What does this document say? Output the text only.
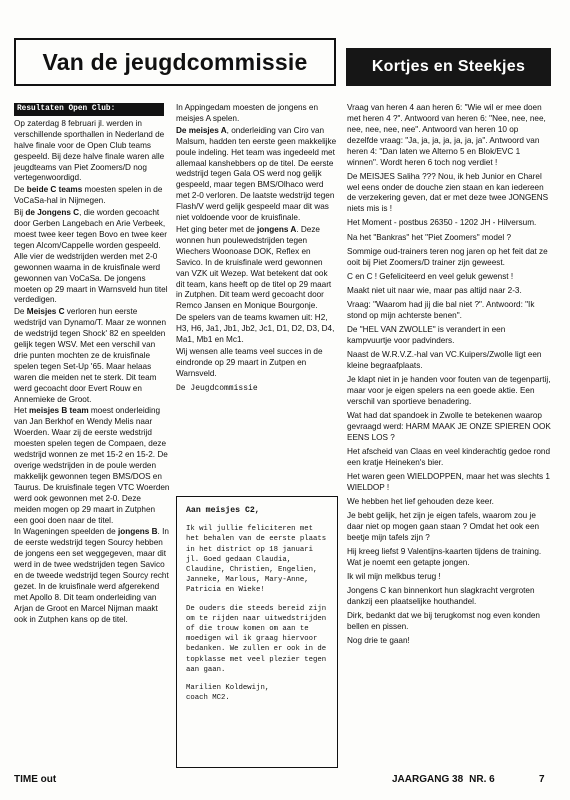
Van de jeugdcommissie	Kortjes en Steekjes
Resultaten Open Club:

Op zaterdag 8 februari jl. werden in verschillende sporthallen in Nederland de halve finale voor de Open Club teams gespeeld. Bij deze halve finale waren alle jeugdteams van Piet Zoomers/D nog vertegenwoordigd.

De beide C teams moesten spelen in de VoCaSa-hal in Nijmegen.

Bij de Jongens C, die worden gecoacht door Gerben Langebach en Arie Verbeek, moest twee keer tegen Bovo en twee keer tegen Alcom/Cappelle worden gespeeld. Alle vier de wedstrijden werden met 2-0 gewonnen waarna in de kruisfinale werd gewonnen van VoCaSa. De jongens moeten op 29 maart in Warnsveld hun titel verdedigen.

De Meisjes C verloren hun eerste wedstrijd van Dynamo/T. Maar ze wonnen de wedstrijd tegen Shock' 82 en speelden gelijk tegen WSV. Met een verschil van drie punten mochten ze de kruisfinale spelen tegen Set-Up '65. Maar helaas waren die meiden net te sterk. Dit team werd gecoacht door Evert Rouw en Annemieke de Groot.

Het meisjes B team moest onderleiding van Jan Berkhof en Wendy Melis naar Woerden. Waar zij de eerste wedstrijd moesten spelen tegen de Compaen, deze wedstrijd wonnen ze met 15-2 en 15-2. De overige wedstrijden in de poule werden makkelijk gewonnen tegen BMS/DOS en Taurus. De kruisfinale tegen VTC Woerden werd ook gewonnen met 2-0. Deze meiden mogen op 29 maart in Zutphen een gooi doen naar de titel.

In Wageningen speelden de jongens B. In de eerste wedstrijd tegen Sourcy hebben de jongens een set weggegeven, maar dit werd in de twee wedstrijden tegen Savico en de tweede wedstrijd tegen Sourcy recht gezet. In de kruisfinale werd afgerekend met Apollo 8. Dit team onderleiding van Arjan de Groot en Marcel Nijman maakt ook in Zutphen kans op de titel.

In Appingedam moesten de jongens en meisjes A spelen.

De meisjes A, onderleiding van Ciro van Malsum, hadden ten eerste geen makkelijke poule indeling. Het team was ingedeeld met allemaal kanshebbers op de titel. De eerste wedstrijd tegen Gala OS werd nog gelijk gespeeld, maar tegen BMS/Olhaco werd met 2-0 verloren. De laatste wedstrijd tegen Flash/V werd gelijk gespeeld maar dit was niet voldoende voor de kruisfinale.

Het ging beter met de jongens A. Deze wonnen hun poulewedstrijden tegen Wiechers Woonoase DOK, Reflex en Savico. In de kruisfinale werd gewonnen van VZK uit Wezep. Wat betekent dat ook dit team, kans heeft op de titel op 29 maart in Zutphen. Dit team werd gecoacht door Remco Jansen en Monique Bourgonje.

De spelers van de teams kwamen uit: H2, H3, H6, Ja1, Jb1, Jb2, Jc1, D1, D2, D3, D4, Ma1, Mb1 en Mc1.

Wij wensen alle teams veel succes in de eindronde op 29 maart in Zutpen en Warnsveld.

De Jeugdcommissie

Aan meisjes C2,

Ik wil jullie feliciteren met het behalen van de eerste plaats in het district op 18 januari jl. Goed gedaan Claudia, Claudine, Christien, Engelien, Janneke, Marlous, Mary-Anne, Patricia en Wieke!

De ouders die steeds bereid zijn om te rijden naar uitwedstrijden of die trouw komen om aan te moedigen wil ik graag hiervoor bedanken. We zullen er ook in de topklasse met veel plezier tegen aan gaan.

Marilien Koldewijn,
coach MC2.

Vraag van heren 4 aan heren 6: "Wie wil er mee doen met heren 4 ?". Antwoord van heren 6: "Nee, nee, nee, nee, nee, nee, nee". Antwoord van heren 10 op dezelfde vraag: "Ja, ja, ja, ja, ja, ja, ja". Antwoord van heren 4: "Dan laten we Alterno 5 en Blok/EVC 1 winnen". Wordt heren 6 toch nog verdiet !

De MEISJES Saliha ??? Nou, ik heb Junior en Charel wel eens onder de douche zien staan en kan iedereen de verzekering geven, dat er met deze twee JONGENS niets mis is !

Het Moment - postbus 26350 - 1202 JH - Hilversum.

Na het "Bankras" het "Piet Zoomers" model ?

Sommige oud-trainers teren nog jaren op het feit dat ze ooit bij Piet Zoomers/D trainer zijn geweest.

C en C ! Gefeliciteerd en veel geluk gewenst !

Maakt niet uit naar wie, maar pas altijd naar 2-3.

Vraag: "Waarom had jij die bal niet ?". Antwoord: "Ik stond op mijn achterste benen".

De "HEL VAN ZWOLLE" is verandert in een kampvuurtje voor padvinders.

Naast de W.R.V.Z.-hal van VC.Kuipers/Zwolle ligt een kleine begraafplaats.

Je klapt niet in je handen voor fouten van de tegenpartij, maar voor je eigen spelers na een goede aktie. Een verschil van sportieve benadering.

Wat had dat spandoek in Zwolle te betekenen waarop gevraagd werd: HARM MAAK JE ONZE SPIEREN OOK EENS LOS ?

Het afscheid van Claas en veel kinderachtig gedoe rond een kratje Heineken's bier.

Het waren geen WIELDOPPEN, maar het was slechts 1 WIELDOP !

We hebben het lief gehouden deze keer.

Je bebt gelijk, het zijn je eigen tafels, waarom zou je daar niet op mogen gaan staan ? Omdat het ook een beetje mijn tafels zijn ?

Hij kreeg liefst 9 Valentijns-kaarten tijdens de training. Wat je noemt een getapte jongen.

Ik wil mijn melkbus terug !

Jongens C kan binnenkort hun slagkracht vergroten dankzij een plaatselijke houthandel.

Dirk, bedankt dat we bij terugkomst nog even konden bellen en pissen.

Nog drie te gaan!

TIME out	JAARGANG 38 NR. 6	7
